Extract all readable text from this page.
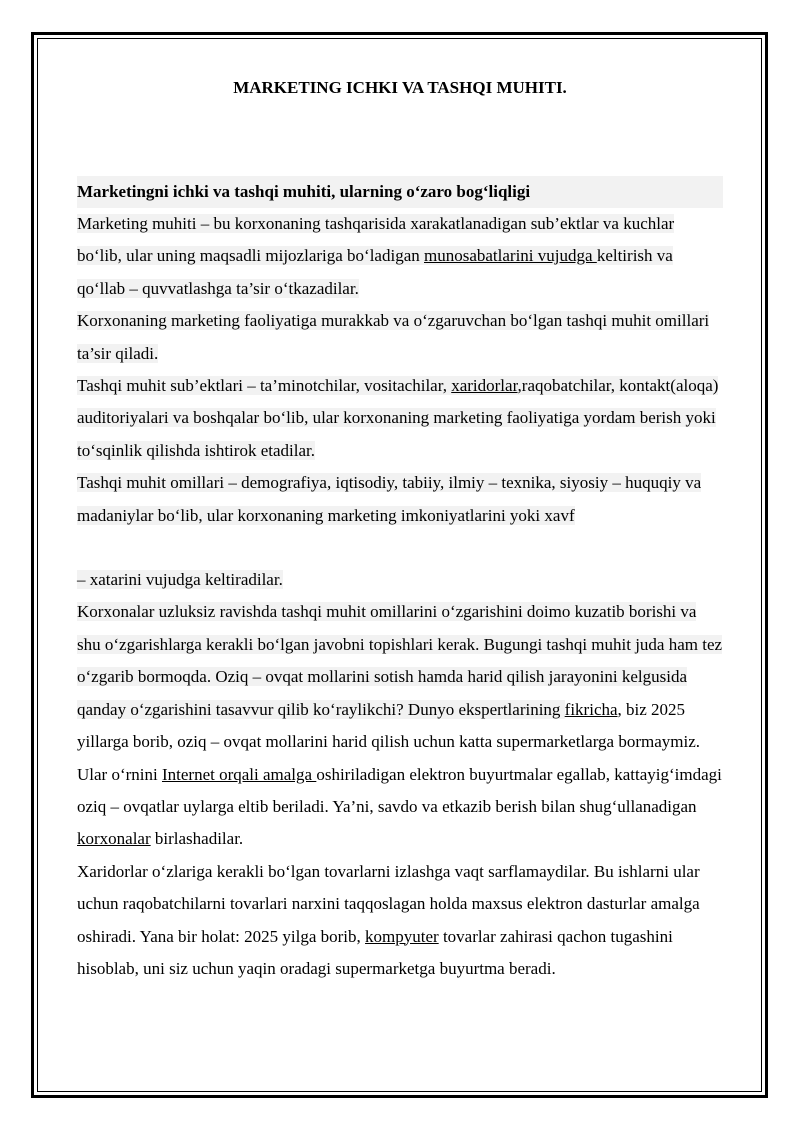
MARKETING ICHKI VA TASHQI MUHITI.

Marketingni ichki va tashqi muhiti, ularning o‘zaro bog‘liqligi

Marketing muhiti – bu korxonaning tashqarisida xarakatlanadigan sub’ektlar va kuchlar bo‘lib, ular uning maqsadli mijozlariga bo‘ladigan munosabatlarini vujudga keltirish va qo‘llab – quvvatlashga ta’sir o‘tkazadilar.

Korxonaning marketing faoliyatiga murakkab va o‘zgaruvchan bo‘lgan tashqi muhit omillari ta’sir qiladi.

Tashqi muhit sub’ektlari – ta’minotchilar, vositachilar, xaridorlar,raqobatchilar, kontakt(aloqa) auditoriyalari va boshqalar bo‘lib, ular korxonaning marketing faoliyatiga yordam berish yoki to‘sqinlik qilishda ishtirok etadilar.

Tashqi muhit omillari – demografiya, iqtisodiy, tabiiy, ilmiy – texnika, siyosiy – huquqiy va madaniylar bo‘lib, ular korxonaning marketing imkoniyatlarini yoki xavf

– xatarini vujudga keltiradilar.

Korxonalar uzluksiz ravishda tashqi muhit omillarini o‘zgarishini doimo kuzatib borishi va shu o‘zgarishlarga kerakli bo‘lgan javobni topishlari kerak. Bugungi tashqi muhit juda ham tez o‘zgarib bormoqda. Oziq – ovqat mollarini sotish hamda harid qilish jarayonini kelgusida qanday o‘zgarishini tasavvur qilib ko‘raylikchi? Dunyo ekspertlarining fikricha, biz 2025 yillarga borib, oziq – ovqat mollarini harid qilish uchun katta supermarketlarga bormaymiz. Ular o‘rnini Internet orqali amalga oshiriladigan elektron buyurtmalar egallab, kattayig‘imdagi oziq – ovqatlar uylarga eltib beriladi. Ya’ni, savdo va etkazib berish bilan shug‘ullanadigan korxonalar birlashadilar.

Xaridorlar o‘zlariga kerakli bo‘lgan tovarlarni izlashga vaqt sarflamaydilar. Bu ishlarni ular uchun raqobatchilarni tovarlari narxini taqqoslagan holda maxsus elektron dasturlar amalga oshiradi. Yana bir holat: 2025 yilga borib, kompyuter tovarlar zahirasi qachon tugashini hisoblab, uni siz uchun yaqin oradagi supermarketga buyurtma beradi.
